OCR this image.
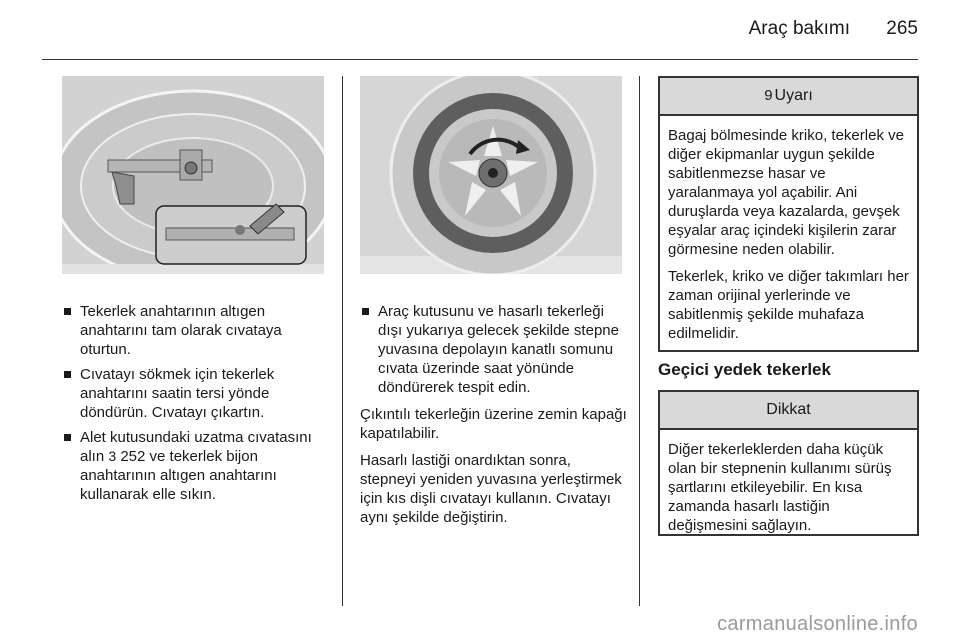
Araç bakımı 265
Tekerlek anahtarının altıgen anahtarını tam olarak cıvataya oturtun.
Cıvatayı sökmek için tekerlek anahtarını saatin tersi yönde döndürün. Cıvatayı çıkartın.
Alet kutusundaki uzatma cıvatasını alın 3 252 ve tekerlek bijon anahtarının altıgen anahtarını kullanarak elle sıkın.
Araç kutusunu ve hasarlı tekerleği dışı yukarıya gelecek şekilde stepne yuvasına depolayın kanatlı somunu cıvata üzerinde saat yönünde döndürerek tespit edin.

Çıkıntılı tekerleğin üzerine zemin kapağı kapatılabilir.

Hasarlı lastiği onardıktan sonra, stepneyi yeniden yuvasına yerleştirmek için kıs dişli cıvatayı kullanın. Cıvatayı aynı şekilde değiştirin.

9 Uyarı

Bagaj bölmesinde kriko, tekerlek ve diğer ekipmanlar uygun şekilde sabitlenmezse hasar ve yaralanmaya yol açabilir. Ani duruşlarda veya kazalarda, gevşek eşyalar araç içindeki kişilerin zarar görmesine neden olabilir.

Tekerlek, kriko ve diğer takımları her zaman orijinal yerlerinde ve sabitlenmiş şekilde muhafaza edilmelidir.

Geçici yedek tekerlek
Dikkat

Diğer tekerleklerden daha küçük olan bir stepnenin kullanımı sürüş şartlarını etkileyebilir. En kısa zamanda hasarlı lastiğin değişmesini sağlayın.

carmanualsonline.info
